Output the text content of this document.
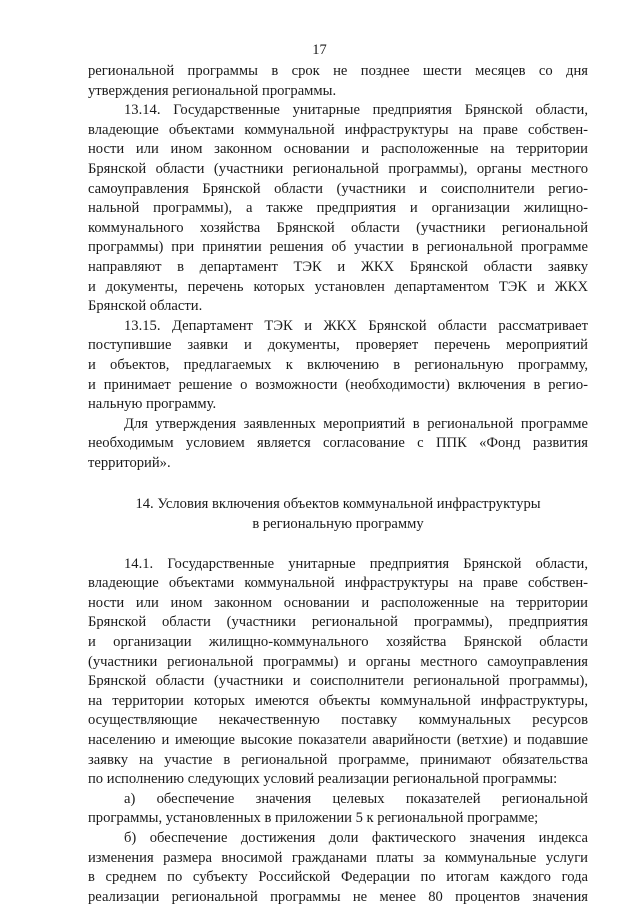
17
региональной программы в срок не позднее шести месяцев со дня
утверждения региональной программы.
13.14. Государственные унитарные предприятия Брянской области,
владеющие объектами коммунальной инфраструктуры на праве собствен-
ности или ином законном основании и расположенные на территории
Брянской области (участники региональной программы), органы местного
самоуправления Брянской области (участники и соисполнители регио-
нальной программы), а также предприятия и организации жилищно-
коммунального хозяйства Брянской области (участники региональной
программы) при принятии решения об участии в региональной программе
направляют в департамент ТЭК и ЖКХ Брянской области заявку
и документы, перечень которых установлен департаментом ТЭК и ЖКХ
Брянской области.
13.15. Департамент ТЭК и ЖКХ Брянской области рассматривает
поступившие заявки и документы, проверяет перечень мероприятий
и объектов, предлагаемых к включению в региональную программу,
и принимает решение о возможности (необходимости) включения в регио-
нальную программу.
Для утверждения заявленных мероприятий в региональной программе
необходимым условием является согласование с ППК «Фонд развития
территорий».
14. Условия включения объектов коммунальной инфраструктуры
в региональную программу
14.1. Государственные унитарные предприятия Брянской области,
владеющие объектами коммунальной инфраструктуры на праве собствен-
ности или ином законном основании и расположенные на территории
Брянской области (участники региональной программы), предприятия
и организации жилищно-коммунального хозяйства Брянской области
(участники региональной программы) и органы местного самоуправления
Брянской области (участники и соисполнители региональной программы),
на территории которых имеются объекты коммунальной инфраструктуры,
осуществляющие некачественную поставку коммунальных ресурсов
населению и имеющие высокие показатели аварийности (ветхие) и подавшие
заявку на участие в региональной программе, принимают обязательства
по исполнению следующих условий реализации региональной программы:
а) обеспечение значения целевых показателей региональной
программы, установленных в приложении 5 к региональной программе;
б) обеспечение достижения доли фактического значения индекса
изменения размера вносимой гражданами платы за коммунальные услуги
в среднем по субъекту Российской Федерации по итогам каждого года
реализации региональной программы не менее 80 процентов значения
